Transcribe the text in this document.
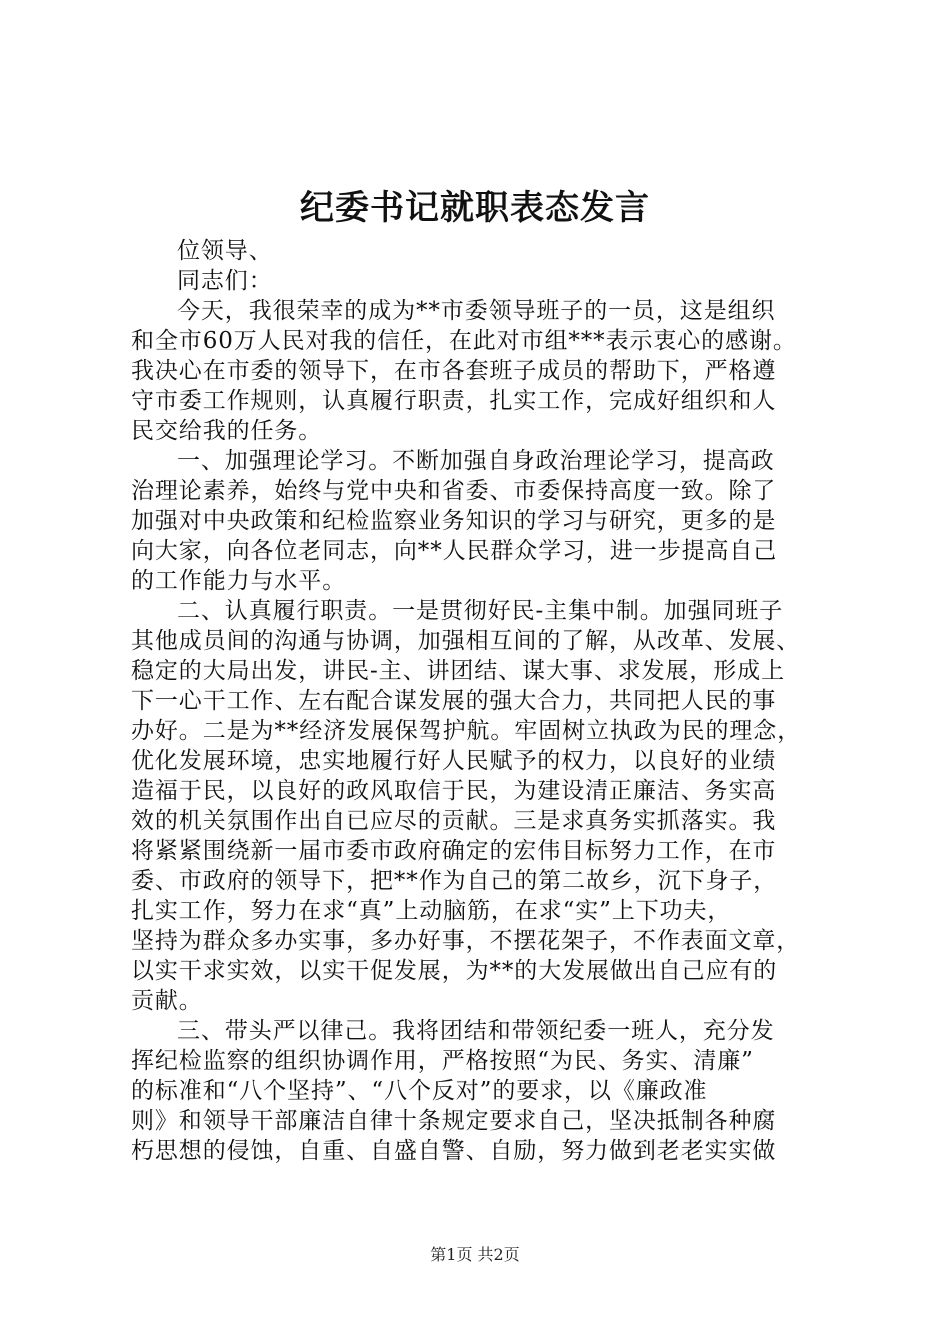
纪委书记就职表态发言
位领导、
同志们：
今天，我很荣幸的成为**市委领导班子的一员，这是组织
和全市60万人民对我的信任，在此对市组***表示衷心的感谢。
我决心在市委的领导下，在市各套班子成员的帮助下，严格遵
守市委工作规则，认真履行职责，扎实工作，完成好组织和人
民交给我的任务。
一、加强理论学习。不断加强自身政治理论学习，提高政
治理论素养，始终与党中央和省委、市委保持高度一致。除了
加强对中央政策和纪检监察业务知识的学习与研究，更多的是
向大家，向各位老同志，向**人民群众学习，进一步提高自己
的工作能力与水平。
二、认真履行职责。一是贯彻好民-主集中制。加强同班子
其他成员间的沟通与协调，加强相互间的了解，从改革、发展、
稳定的大局出发，讲民-主、讲团结、谋大事、求发展，形成上
下一心干工作、左右配合谋发展的强大合力，共同把人民的事
办好。二是为**经济发展保驾护航。牢固树立执政为民的理念，
优化发展环境，忠实地履行好人民赋予的权力，以良好的业绩
造福于民，以良好的政风取信于民，为建设清正廉洁、务实高
效的机关氛围作出自已应尽的贡献。三是求真务实抓落实。我
将紧紧围绕新一届市委市政府确定的宏伟目标努力工作，在市
委、市政府的领导下，把**作为自己的第二故乡，沉下身子，
扎实工作，努力在求“真”上动脑筋，在求“实”上下功夫，
坚持为群众多办实事，多办好事，不摆花架子，不作表面文章，
以实干求实效，以实干促发展，为**的大发展做出自己应有的
贡献。
三、带头严以律己。我将团结和带领纪委一班人，充分发
挥纪检监察的组织协调作用，严格按照“为民、务实、清廉”
的标准和“八个坚持”、“八个反对”的要求，以《廉政准
则》和领导干部廉洁自律十条规定要求自己，坚决抵制各种腐
朽思想的侵蚀，自重、自盛自警、自励，努力做到老老实实做
第1页 共2页
